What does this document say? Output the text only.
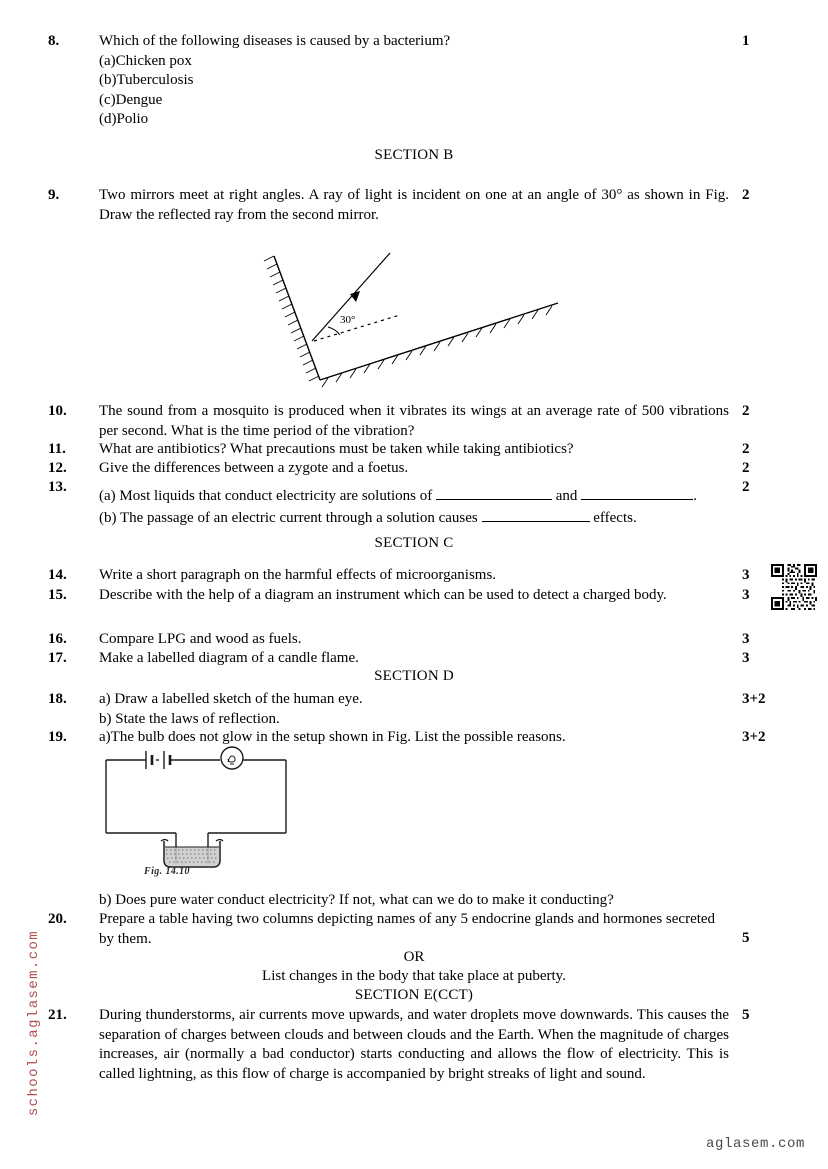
8.	Which of the following diseases is caused by a bacterium?
(a)Chicken pox
(b)Tuberculosis
(c)Dengue
(d)Polio
1
SECTION B
9.	Two mirrors meet at right angles. A ray of light is incident on one at an angle of 30° as shown in Fig. Draw the reflected ray from the second mirror.
2
30°
10. The sound from a mosquito is produced when it vibrates its wings at an average rate of 500 vibrations per second. What is the time period of the vibration?
2
11. What are antibiotics? What precautions must be taken while taking antibiotics?	2
12. Give the differences between a zygote and a foetus.	2
13.
(a) Most liquids that conduct electricity are solutions of	and	.
(b) The passage of an electric current through a solution causes	effects.
2
SECTION C
14. Write a short paragraph on the harmful effects of microorganisms.	3
15. Describe with the help of a diagram an instrument which can be used to detect a charged body.	3
16. Compare LPG and wood as fuels.	3
17. Make a labelled diagram of a candle flame.	3
SECTION D
18. a) Draw a labelled sketch of the human eye.
b) State the laws of reflection.
3+2
19. a)The bulb does not glow in the setup shown in Fig. List the possible reasons.	3+2
Fig. 14.10
b) Does pure water conduct electricity? If not, what can we do to make it conducting?
20. Prepare a table having two columns depicting names of any 5 endocrine glands and hormones secreted by them.	5
OR
List changes in the body that take place at puberty.
SECTION E(CCT)
21. During thunderstorms, air currents move upwards, and water droplets move downwards. This causes the separation of charges between clouds and between clouds and the Earth. When the magnitude of charges increases, air (normally a bad conductor) starts conducting and allows the flow of electricity. This is called lightning, as this flow of charge is accompanied by bright streaks of light and sound.
5
schools.aglasem.com
aglasem.com
